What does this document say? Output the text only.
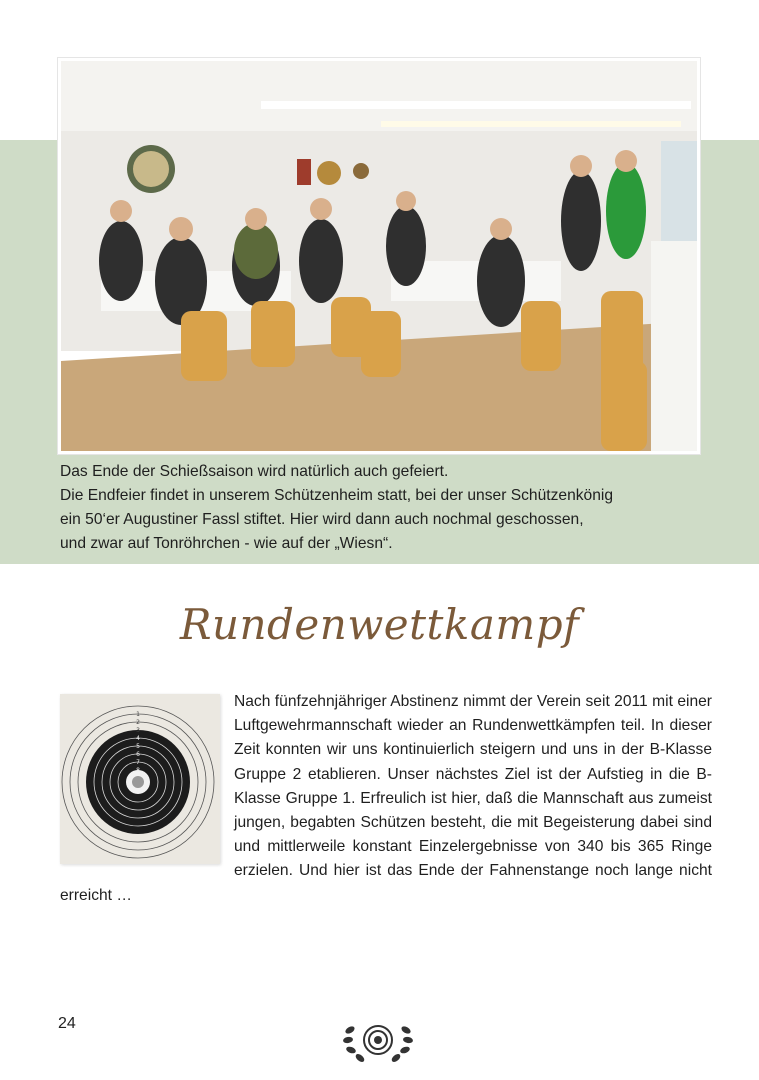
Das Ende der Schießsaison wird natürlich auch gefeiert.

Die Endfeier findet in unserem Schützenheim statt, bei der unser Schützenkönig

ein 50‘er Augustiner Fassl stiftet. Hier wird dann auch nochmal geschossen,

und zwar auf Tonröhrchen - wie auf der „Wiesn“.

Rundenwettkampf
4
5
6
7
8
1
2
3
Nach fünfzehnjähriger Abstinenz nimmt der Verein seit 2011 mit einer Luftgewehrmannschaft wieder an Rundenwettkämpfen teil. In dieser Zeit konnten wir uns kontinuierlich steigern und uns in der B-Klasse Gruppe 2 etablieren. Unser nächstes Ziel ist der Aufstieg in die B-Klasse Gruppe 1. Erfreulich ist hier, daß die Mannschaft aus zumeist jungen, begabten Schützen besteht, die mit Begeisterung dabei sind und mittlerweile konstant Einzelergebnisse von 340 bis 365 Ringe erzielen. Und hier ist das Ende der Fahnenstange noch lange nicht erreicht …
24
